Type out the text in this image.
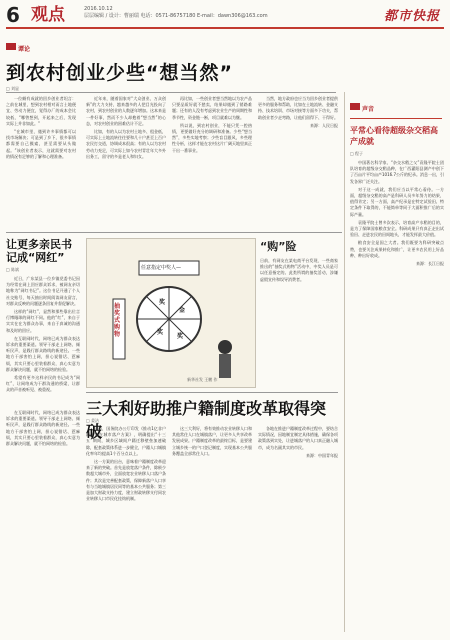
6 观点	2016.10.12
层层编辑 / 设计：曹丽瑞 电话：0571-86757180 E-mail：dawn306@163.com	都市快报
谭论
到农村创业少些“想当然”
□ 刘显

一位颇有成就的回乡创业者坦言：之前在城里，想到农村相对而言土地便宜、劳动力便宜，觉得办厂的成本会比较低，“哪曾想到，开起来之后，发现实际上并非如此。”

“在城市里，遇到许多事情都可以找市场解决；可是到了乡下，很多事情都需要自己摸索，甚至需要从头做起。”该创业者表示，这就需要对农村的情况有足够的了解和心理准备。

近年来，随着国家对“大众创业、万众创新”的大力支持，越来越多的人把目光投向了农村，到农村创业的人数逐年增加。这本来是一件好事，然而不少人却抱着“想当然”的心态，对农村创业的困难估计不足。

比如，有的人以为农村土地多、租金低，可实际上土地流转往往要和几十户甚至上百户农民打交道，协调成本很高；有的人以为农村劳动力充足，可实际上如今农村青壮年大多外出务工，留守的多是老人和妇女。

再比如，一些创业者想当然地以为农产品只要品质好就不愁卖，结果却遇到了销路难题；还有的人没有考虑到农业生产的周期性和季节性，资金链一断，项目就难以为继。

所以说，到农村创业，不能只凭一腔热情，更要做好充分的调研和准备。少些“想当然”，多些实地考察；少些盲目跟风，多些理性分析，这样才能在农村这片广阔天地里真正干出一番事业。

当然，地方政府也应当为回乡创业者提供更多的服务和帮助，比如在土地流转、金融支持、技术培训、市场对接等方面多下功夫，帮助创业者少走弯路，让他们留得下、干得好。

来源：人民日报

声音
平常心看待超级杂交稻高产成就
□ 程子

中国著名科学家、“杂交水稻之父”袁隆平院士团队培育的超级杂交稻品种，在广西灌阳县测产中创下了百亩片平均亩产1016.7公斤的纪录。消息一出，引发各界广泛关注。

对于这一成就，我们应当以平常心看待。一方面，超级杂交稻的高产是科研人员多年努力的结果，值得肯定；另一方面，高产纪录是在特定试验田、特定条件下取得的，不能简单等同于大面积推广后的实际产量。

袁隆平院士曾多次表示，培育高产水稻的目的，是为了保障国家粮食安全。科研成果只有真正走出试验田、走进农民的田间地头，才能发挥最大价值。

粮食安全是国之大者。我们既要为科研突破点赞，也要关注成果转化和推广，让更多农民用上好品种、种出好收成。

来源：长江日报

让更多亲民书记成“网红”
□ 陈斌

近日，广东某县一位乡镇党委书记因为经常在网上回应群众诉求，被网友亲切地称为“网红书记”。这位书记开通了个人社交账号，每天抽出时间阅读网友留言，对群众反映的问题逐条回复并督促解决。

这样的“网红”，显然和那些靠出位言行博眼球的网红不同。他的“红”，来自于实实在在为群众办事，来自于真诚的沟通和及时的回应。

在互联网时代，网络已成为群众表达诉求的重要渠道。领导干部走上网络、倾听民声，是践行群众路线的新途径。一些地方干部害怕上网，担心说错话、惹麻烦，其实只要心里装着群众，真心实意为群众解决问题，就不怕网络的检验。

希望有更多这样亲民的书记成为“网红”，让网络成为干群沟通的桥梁，让群众的声音被听见、被重视。

在互联网时代，网络已成为群众表达诉求的重要渠道。领导干部走上网络、倾听民声，是践行群众路线的新途径。一些地方干部害怕上网，担心说错话、惹麻烦，其实只要心里装着群众，真心实意为群众解决问题，就不怕网络的检验。

任意指定中奖人—
抽奖式购物
奖
金
奖
奖
新华社发 王鹏 作
“购”险
日前，有网友在某电商平台发现，一些商家推出的“抽奖式购物”活动中，中奖人员是可以任意指定的。此类所谓的抽奖活动，涉嫌虚假宣传和误导消费者。
三大利好助推户籍制度改革取得突破
□ 姜洁

日前，国务院办公厅印发《推动1亿非户籍人口在城市落户方案》，明确提出“十三五”期间，城乡区域间户籍迁移壁垒加速破除，配套政策体系进一步健全，户籍人口城镇化率年均提高1个百分点以上。

这一方案的出台，意味着户籍制度改革迎来了新的突破。首先是放宽落户条件，除极少数超大城市外，全面放宽农业转移人口落户条件；其次是完善配套政策，保障新落户人口享有与当地城镇居民同等的基本公共服务；第三是加大财政支持力度，建立财政转移支付同农业转移人口市民化挂钩机制。

这三大利好，将有效推动农业转移人口和其他常住人口在城镇落户，让更多人共享改革发展成果。户籍制度改革的最终目标，是要建立城乡统一的户口登记制度，实现基本公共服务覆盖全部常住人口。

各地在推进户籍制度改革过程中，要结合实际情况，因地制宜制定具体措施，确保各项政策落到实处，让进城落户的人口真正融入城市，成为名副其实的市民。

来源：中国青年报
